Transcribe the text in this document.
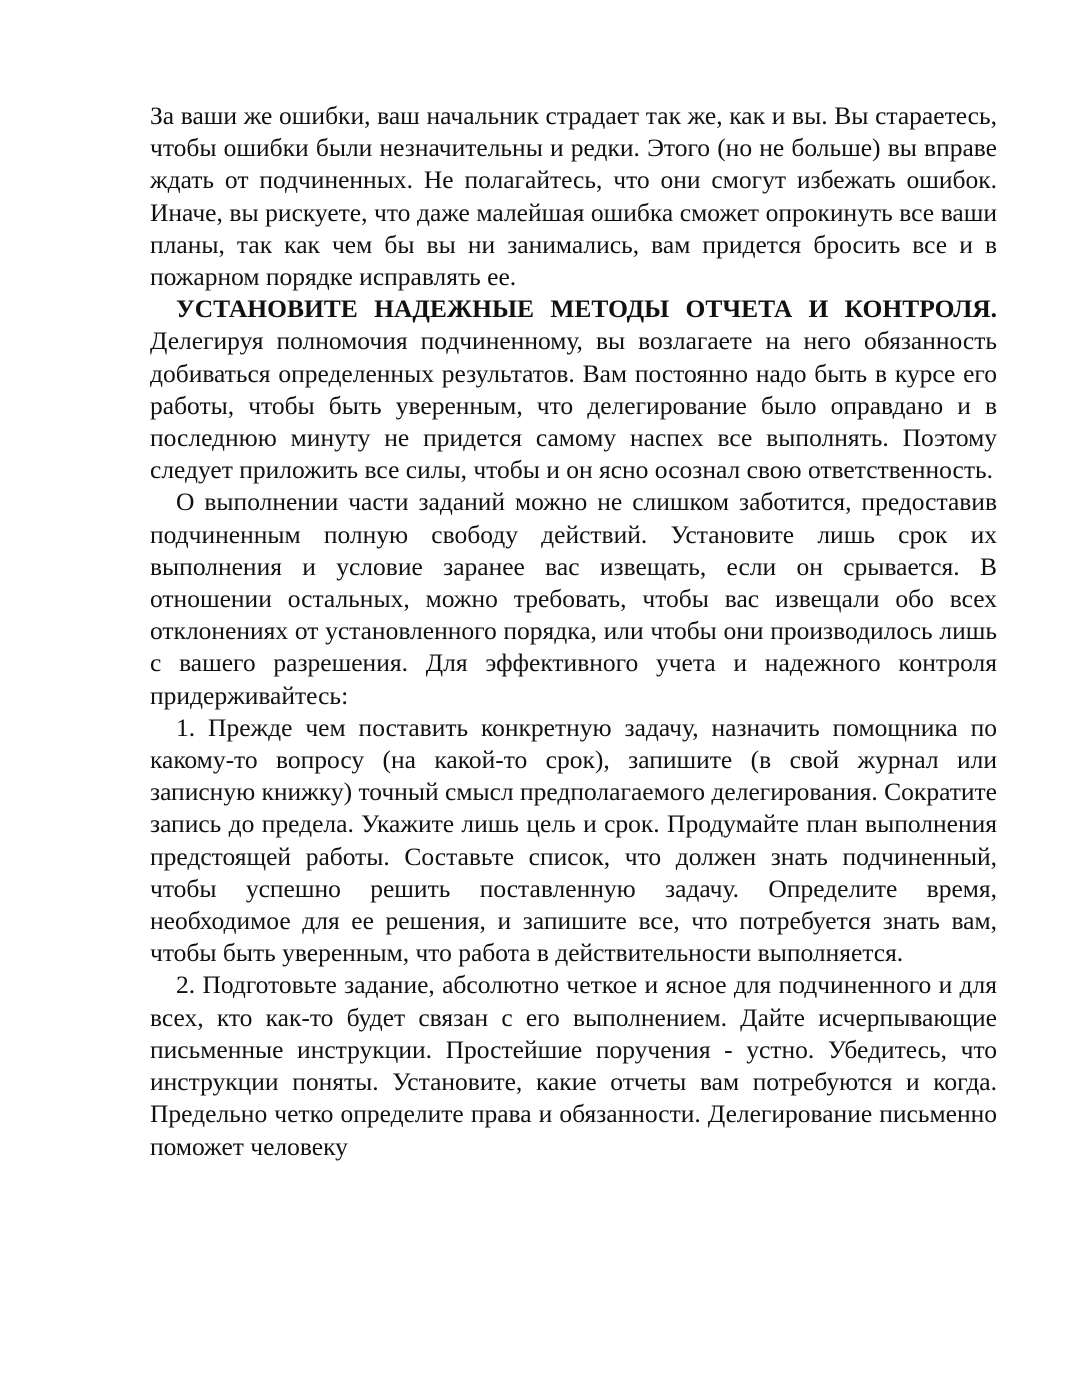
За ваши же ошибки, ваш начальник страдает так же, как и вы. Вы стараетесь, чтобы ошибки были незначительны и редки. Этого (но не больше) вы вправе ждать от подчиненных. Не полагайтесь, что они смогут избежать ошибок. Иначе, вы рискуете, что даже малейшая ошибка сможет опрокинуть все ваши планы, так как чем бы вы ни занимались, вам придется бросить все и в пожарном порядке исправлять ее.

УСТАНОВИТЕ НАДЕЖНЫЕ МЕТОДЫ ОТЧЕТА И КОНТРОЛЯ. Делегируя полномочия подчиненному, вы возлагаете на него обязанность добиваться определенных результатов. Вам постоянно надо быть в курсе его работы, чтобы быть уверенным, что делегирование было оправдано и в последнюю минуту не придется самому наспех все выполнять. Поэтому следует приложить все силы, чтобы и он ясно осознал свою ответственность.

О выполнении части заданий можно не слишком заботится, предоставив подчиненным полную свободу действий. Установите лишь срок их выполнения и условие заранее вас извещать, если он срывается. В отношении остальных, можно требовать, чтобы вас извещали обо всех отклонениях от установленного порядка, или чтобы они производилось лишь с вашего разрешения. Для эффективного учета и надежного контроля придерживайтесь:

1. Прежде чем поставить конкретную задачу, назначить помощника по какому-то вопросу (на какой-то срок), запишите (в свой журнал или записную книжку) точный смысл предполагаемого делегирования. Сократите запись до предела. Укажите лишь цель и срок. Продумайте план выполнения предстоящей работы. Составьте список, что должен знать подчиненный, чтобы успешно решить поставленную задачу. Определите время, необходимое для ее решения, и запишите все, что потребуется знать вам, чтобы быть уверенным, что работа в действительности выполняется.

2. Подготовьте задание, абсолютно четкое и ясное для подчиненного и для всех, кто как-то будет связан с его выполнением. Дайте исчерпывающие письменные инструкции. Простейшие поручения - устно. Убедитесь, что инструкции поняты. Установите, какие отчеты вам потребуются и когда. Предельно четко определите права и обязанности. Делегирование письменно поможет человеку
